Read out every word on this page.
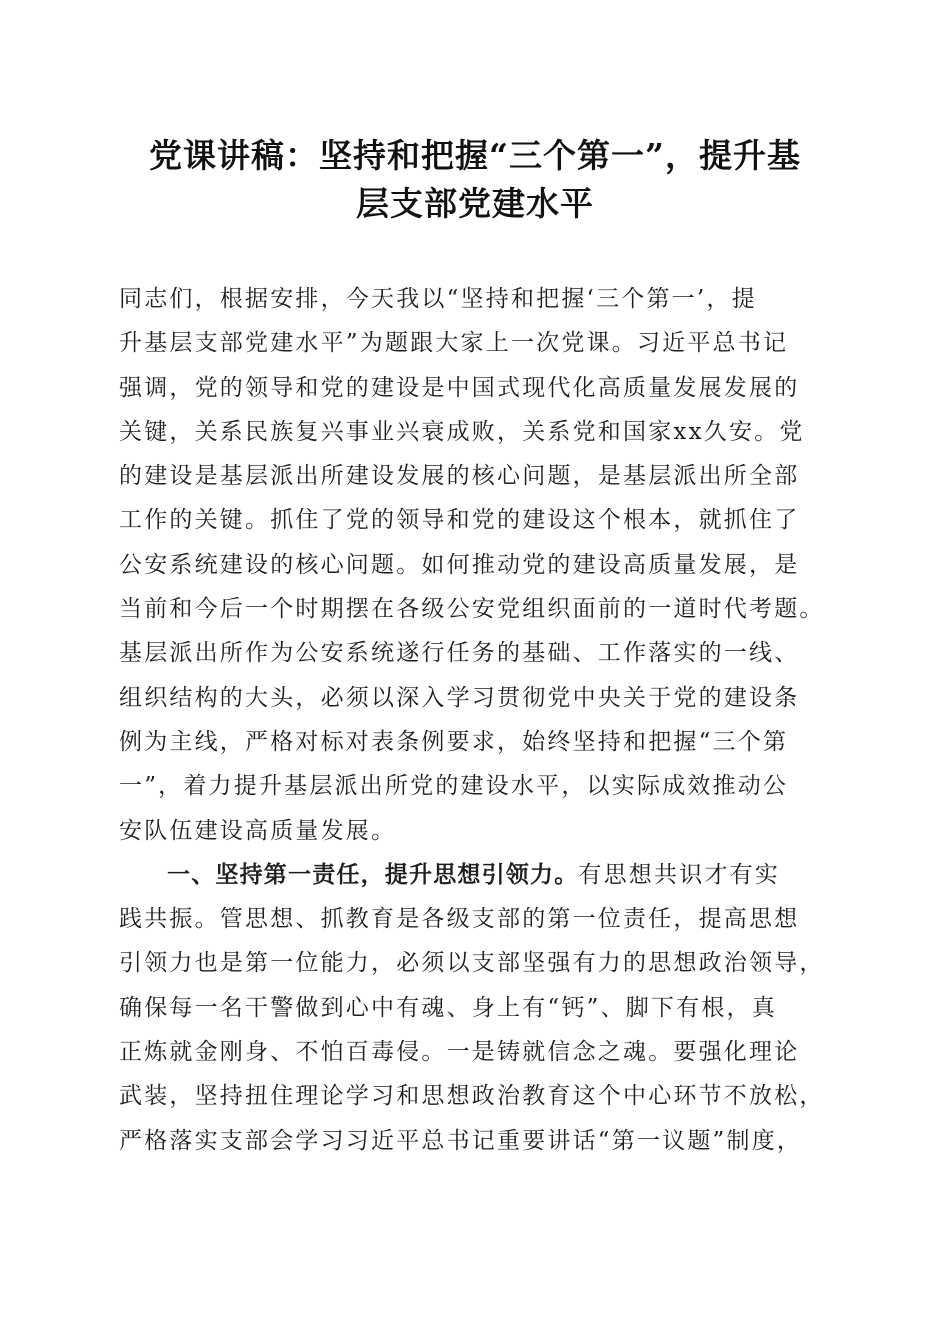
党课讲稿：坚持和把握“三个第一”，提升基
层支部党建水平
同志们，根据安排，今天我以“坚持和把握‘三个第一’，提
升基层支部党建水平”为题跟大家上一次党课。习近平总书记
强调，党的领导和党的建设是中国式现代化高质量发展发展的
关键，关系民族复兴事业兴衰成败，关系党和国家xx久安。党
的建设是基层派出所建设发展的核心问题，是基层派出所全部
工作的关键。抓住了党的领导和党的建设这个根本，就抓住了
公安系统建设的核心问题。如何推动党的建设高质量发展，是
当前和今后一个时期摆在各级公安党组织面前的一道时代考题。
基层派出所作为公安系统遂行任务的基础、工作落实的一线、
组织结构的大头，必须以深入学习贯彻党中央关于党的建设条
例为主线，严格对标对表条例要求，始终坚持和把握“三个第
一”，着力提升基层派出所党的建设水平，以实际成效推动公
安队伍建设高质量发展。
一、坚持第一责任，提升思想引领力。有思想共识才有实
践共振。管思想、抓教育是各级支部的第一位责任，提高思想
引领力也是第一位能力，必须以支部坚强有力的思想政治领导，
确保每一名干警做到心中有魂、身上有“钙”、脚下有根，真
正炼就金刚身、不怕百毒侵。一是铸就信念之魂。要强化理论
武装，坚持扭住理论学习和思想政治教育这个中心环节不放松，
严格落实支部会学习习近平总书记重要讲话“第一议题”制度，
